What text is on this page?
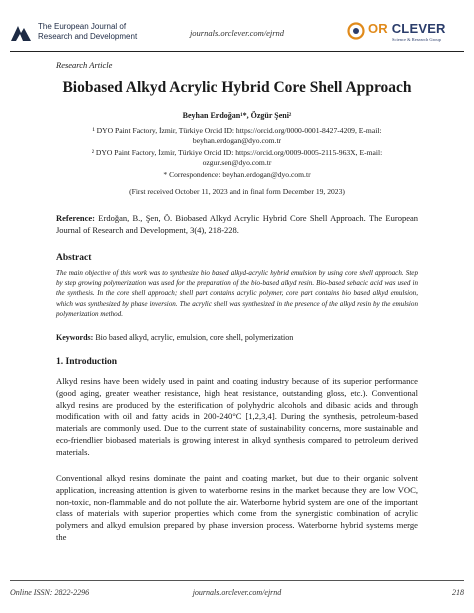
The European Journal of
Research and Development	journals.orclever.com/ejrnd	OR CLEVER
Science & Research Group
Research Article
Biobased Alkyd Acrylic Hybrid Core Shell Approach
Beyhan Erdoğan¹*, Özgür Şeni²
¹ DYO Paint Factory, İzmir, Türkiye Orcid ID: https://orcid.org/0000-0001-8427-4209, E-mail:
beyhan.erdogan@dyo.com.tr
² DYO Paint Factory, İzmir, Türkiye Orcid ID: https://orcid.org/0009-0005-2115-963X, E-mail:
ozgur.sen@dyo.com.tr
* Correspondence: beyhan.erdogan@dyo.com.tr
(First received October 11, 2023 and in final form December 19, 2023)
Reference: Erdoğan, B., Şen, Ö. Biobased Alkyd Acrylic Hybrid Core Shell Approach. The European Journal of Research and Development, 3(4), 218-228.
Abstract
The main objective of this work was to synthesize bio based alkyd-acrylic hybrid emulsion by using core shell approach. Step by step growing polymerization was used for the preparation of the bio-based alkyd resin. Bio-based sebacic acid was used in the synthesis. In the core shell approach; shell part contains acrylic polymer, core part contains bio based alkyd emulsion, which was synthesized by phase inversion. The acrylic shell was synthesized in the presence of the alkyd resin by the emulsion polymerization method.
Keywords: Bio based alkyd, acrylic, emulsion, core shell, polymerization
1. Introduction

Alkyd resins have been widely used in paint and coating industry because of its superior performance (good aging, greater weather resistance, high heat resistance, outstanding gloss, etc.). Conventional alkyd resins are produced by the esterification of polyhydric alcohols and dibasic acids and through modification with oil and fatty acids in 200-240°C [1,2,3,4]. During the synthesis, petroleum-based materials are commonly used. Due to the current state of sustainability concerns, more sustainable and eco-friendlier biobased materials is growing interest in alkyd synthesis compared to petroleum derived materials.

Conventional alkyd resins dominate the paint and coating market, but due to their organic solvent application, increasing attention is given to waterborne resins in the market because they are low VOC, non-toxic, non-flammable and do not pollute the air. Waterborne hybrid system are one of the important class of materials with superior properties which come from the synergistic combination of acrylic polymers and alkyd emulsion prepared by phase inversion process. Waterborne hybrid systems merge the

Online ISSN: 2822-2296	journals.orclever.com/ejrnd	218
